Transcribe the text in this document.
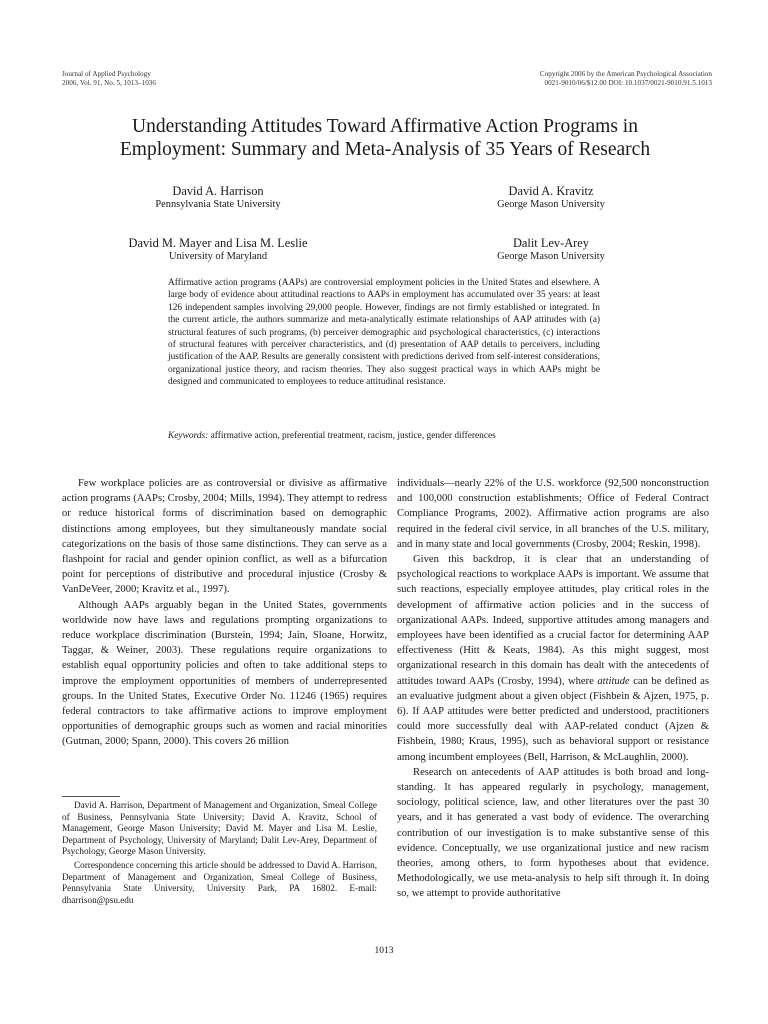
Journal of Applied Psychology
2006, Vol. 91, No. 5, 1013–1036
Copyright 2006 by the American Psychological Association
0021-9010/06/$12.00 DOI: 10.1037/0021-9010.91.5.1013
Understanding Attitudes Toward Affirmative Action Programs in
Employment: Summary and Meta-Analysis of 35 Years of Research
David A. Harrison
Pennsylvania State University
David A. Kravitz
George Mason University
David M. Mayer and Lisa M. Leslie
University of Maryland
Dalit Lev-Arey
George Mason University
Affirmative action programs (AAPs) are controversial employment policies in the United States and elsewhere. A large body of evidence about attitudinal reactions to AAPs in employment has accumulated over 35 years: at least 126 independent samples involving 29,000 people. However, findings are not firmly established or integrated. In the current article, the authors summarize and meta-analytically estimate relationships of AAP attitudes with (a) structural features of such programs, (b) perceiver demographic and psychological characteristics, (c) interactions of structural features with perceiver characteristics, and (d) presentation of AAP details to perceivers, including justification of the AAP. Results are generally consistent with predictions derived from self-interest considerations, organizational justice theory, and racism theories. They also suggest practical ways in which AAPs might be designed and communicated to employees to reduce attitudinal resistance.
Keywords: affirmative action, preferential treatment, racism, justice, gender differences

Few workplace policies are as controversial or divisive as affirmative action programs (AAPs; Crosby, 2004; Mills, 1994). They attempt to redress or reduce historical forms of discrimination based on demographic distinctions among employees, but they simultaneously mandate social categorizations on the basis of those same distinctions. They can serve as a flashpoint for racial and gender opinion conflict, as well as a bifurcation point for perceptions of distributive and procedural injustice (Crosby & VanDeVeer, 2000; Kravitz et al., 1997).

Although AAPs arguably began in the United States, governments worldwide now have laws and regulations prompting organizations to reduce workplace discrimination (Burstein, 1994; Jain, Sloane, Horwitz, Taggar, & Weiner, 2003). These regulations require organizations to establish equal opportunity policies and often to take additional steps to improve the employment opportunities of members of underrepresented groups. In the United States, Executive Order No. 11246 (1965) requires federal contractors to take affirmative actions to improve employment opportunities of demographic groups such as women and racial minorities (Gutman, 2000; Spann, 2000). This covers 26 million

individuals—nearly 22% of the U.S. workforce (92,500 nonconstruction and 100,000 construction establishments; Office of Federal Contract Compliance Programs, 2002). Affirmative action programs are also required in the federal civil service, in all branches of the U.S. military, and in many state and local governments (Crosby, 2004; Reskin, 1998).

Given this backdrop, it is clear that an understanding of psychological reactions to workplace AAPs is important. We assume that such reactions, especially employee attitudes, play critical roles in the development of affirmative action policies and in the success of organizational AAPs. Indeed, supportive attitudes among managers and employees have been identified as a crucial factor for determining AAP effectiveness (Hitt & Keats, 1984). As this might suggest, most organizational research in this domain has dealt with the antecedents of attitudes toward AAPs (Crosby, 1994), where attitude can be defined as an evaluative judgment about a given object (Fishbein & Ajzen, 1975, p. 6). If AAP attitudes were better predicted and understood, practitioners could more successfully deal with AAP-related conduct (Ajzen & Fishbein, 1980; Kraus, 1995), such as behavioral support or resistance among incumbent employees (Bell, Harrison, & McLaughlin, 2000).

Research on antecedents of AAP attitudes is both broad and long-standing. It has appeared regularly in psychology, management, sociology, political science, law, and other literatures over the past 30 years, and it has generated a vast body of evidence. The overarching contribution of our investigation is to make substantive sense of this evidence. Conceptually, we use organizational justice and new racism theories, among others, to form hypotheses about that evidence. Methodologically, we use meta-analysis to help sift through it. In doing so, we attempt to provide authoritative

David A. Harrison, Department of Management and Organization, Smeal College of Business, Pennsylvania State University; David A. Kravitz, School of Management, George Mason University; David M. Mayer and Lisa M. Leslie, Department of Psychology, University of Maryland; Dalit Lev-Arey, Department of Psychology, George Mason University.

Correspondence concerning this article should be addressed to David A. Harrison, Department of Management and Organization, Smeal College of Business, Pennsylvania State University, University Park, PA 16802. E-mail: dharrison@psu.edu

1013
